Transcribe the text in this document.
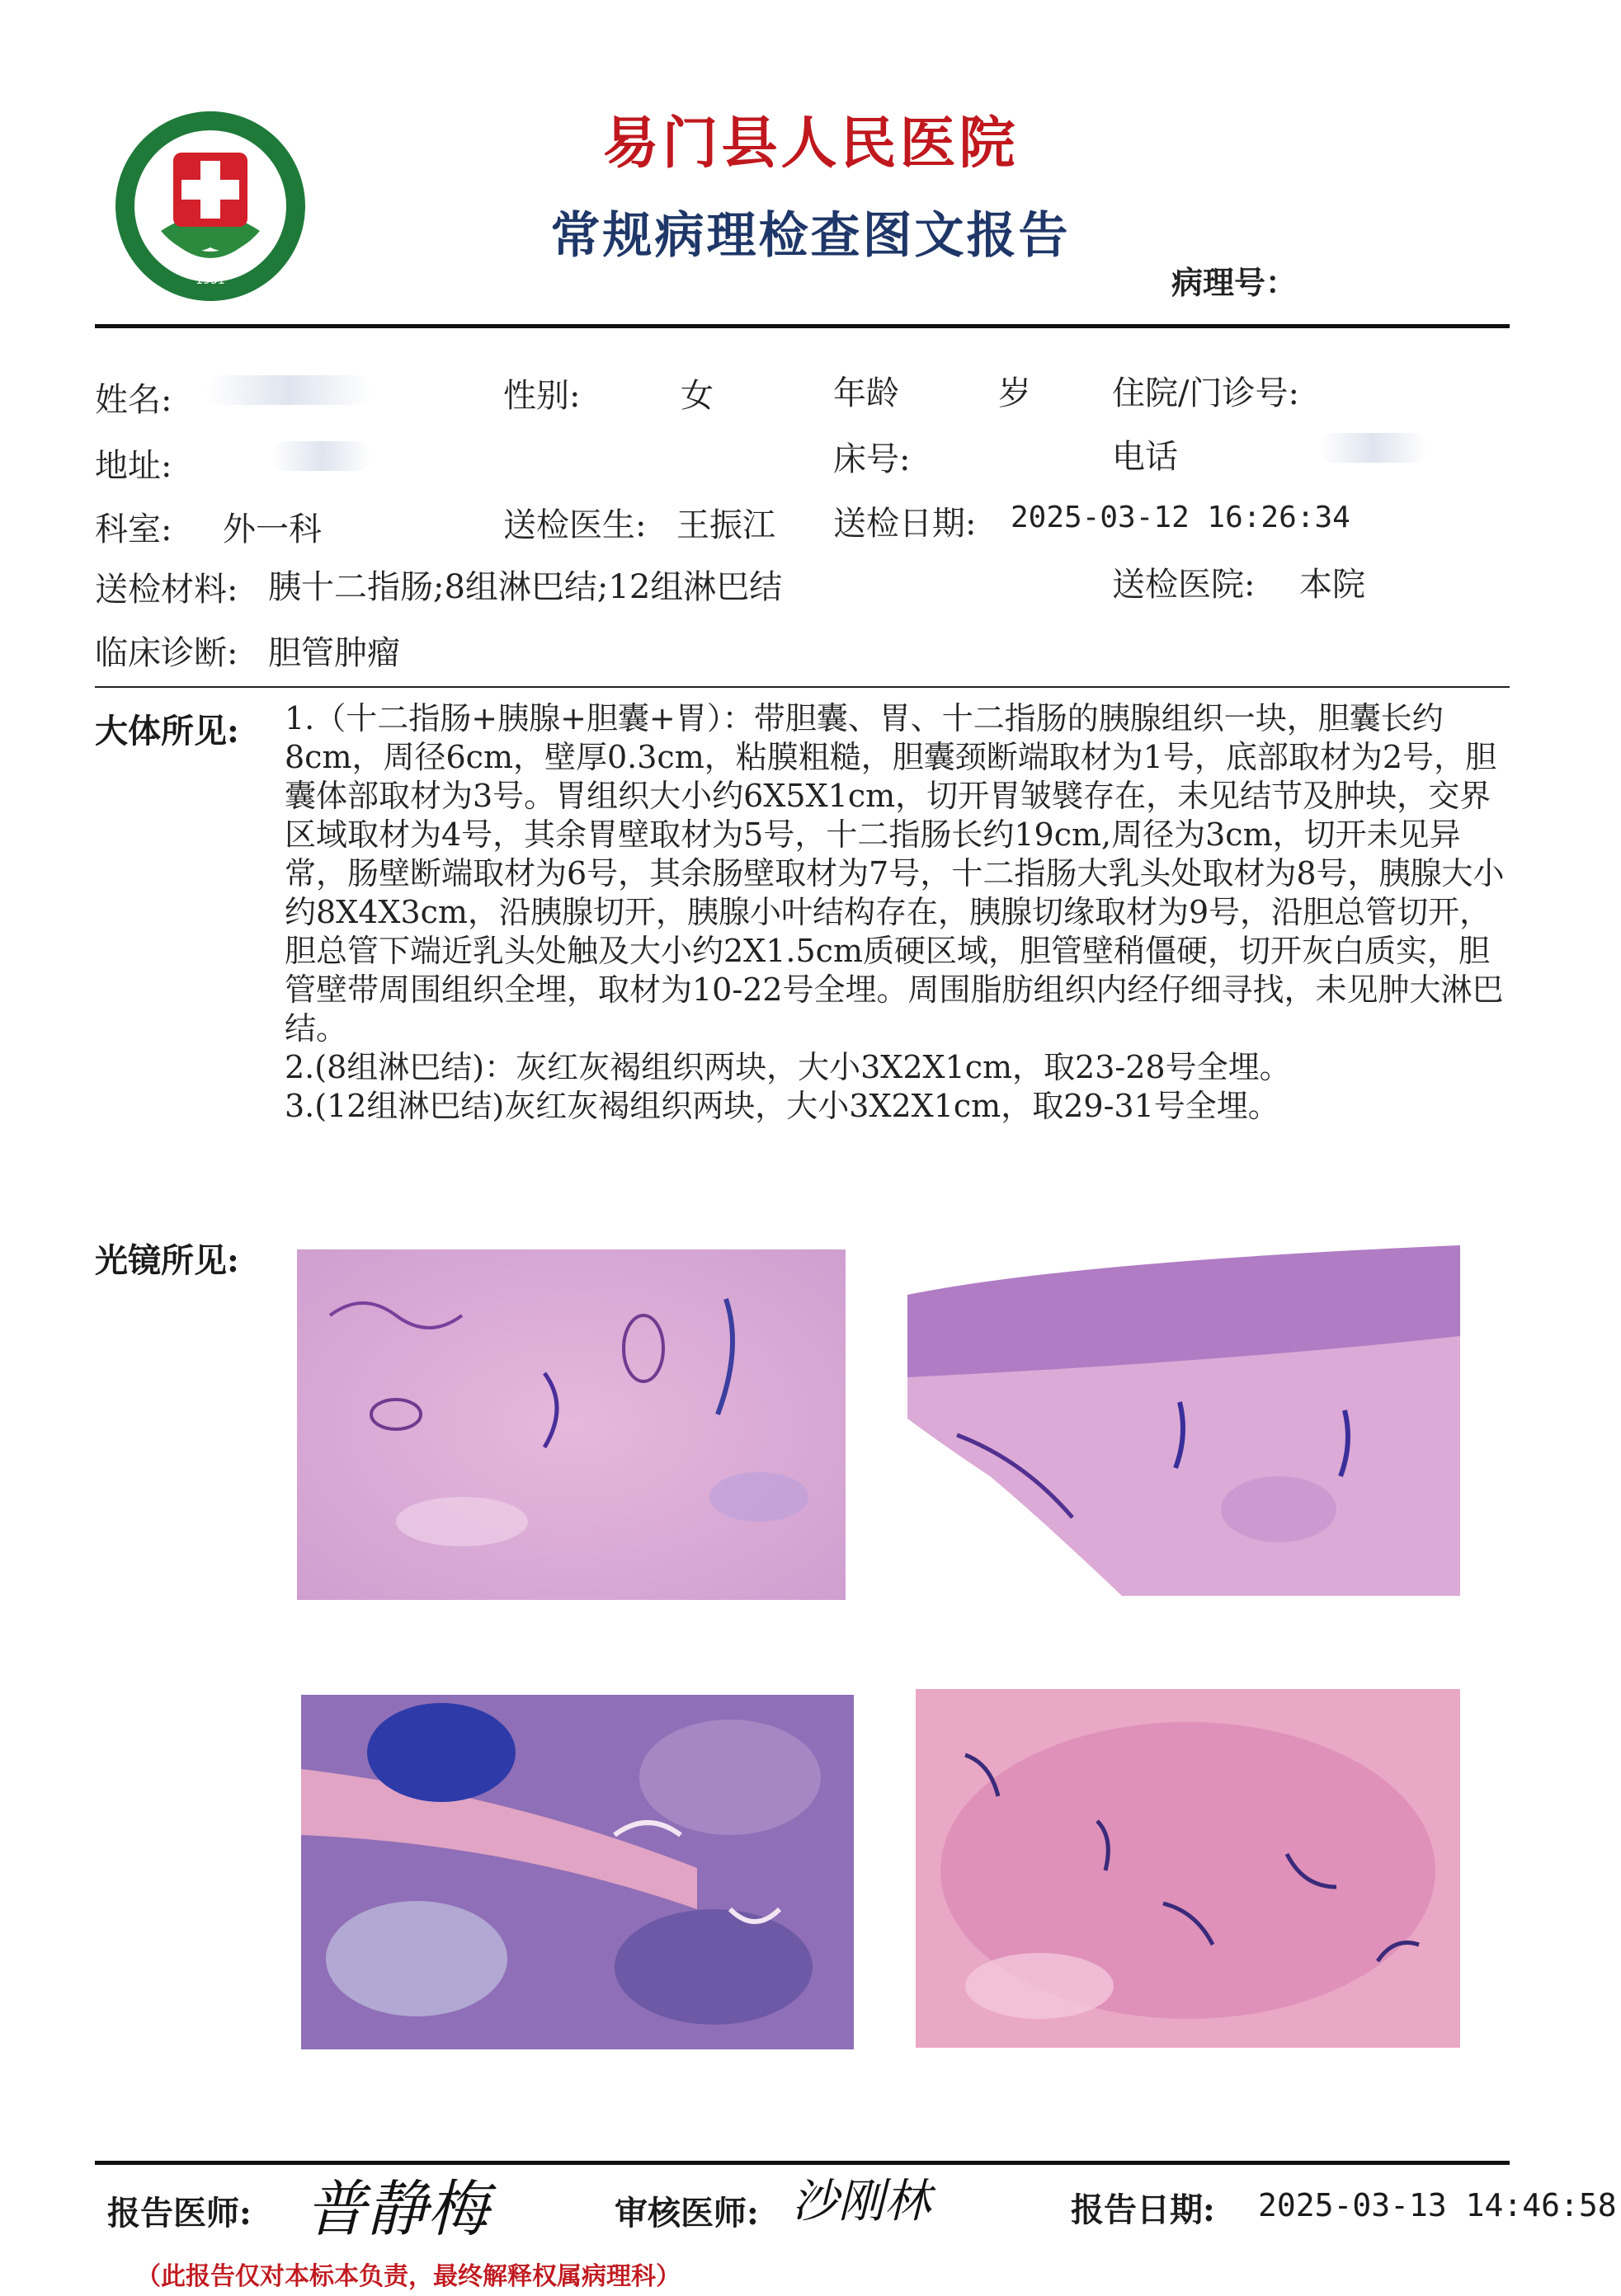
1951
易门县人民医院
常规病理检查图文报告
病理号：
姓名:	性别:	女	年龄	岁 住院/门诊号:
地址:	床号:	电话
科室: 外一科	送检医生: 王振江 送检日期: 2025-03-12 16:26:34
送检材料: 胰十二指肠;8组淋巴结;12组淋巴结	送检医院: 本院
临床诊断: 胆管肿瘤
大体所见: 1.（十二指肠+胰腺+胆囊+胃）：带胆囊、胃、十二指肠的胰腺组织一块，胆囊长约8cm，周径6cm，壁厚0.3cm，粘膜粗糙，胆囊颈断端取材为1号，底部取材为2号，胆囊体部取材为3号。胃组织大小约6X5X1cm，切开胃皱襞存在，未见结节及肿块，交界区域取材为4号，其余胃壁取材为5号，十二指肠长约19cm,周径为3cm，切开未见异常，肠壁断端取材为6号，其余肠壁取材为7号，十二指肠大乳头处取材为8号，胰腺大小约8X4X3cm，沿胰腺切开，胰腺小叶结构存在，胰腺切缘取材为9号，沿胆总管切开，胆总管下端近乳头处触及大小约2X1.5cm质硬区域，胆管壁稍僵硬，切开灰白质实，胆管壁带周围组织全埋，取材为10-22号全埋。周围脂肪组织内经仔细寻找，未见肿大淋巴结。

2.(8组淋巴结)：灰红灰褐组织两块，大小3X2X1cm，取23-28号全埋。

3.(12组淋巴结)灰红灰褐组织两块，大小3X2X1cm，取29-31号全埋。

光镜所见:
报告医师: 普静梅	审核医师: 沙刚林	报告日期: 2025-03-13 14:46:58
（此报告仅对本标本负责，最终解释权属病理科）
